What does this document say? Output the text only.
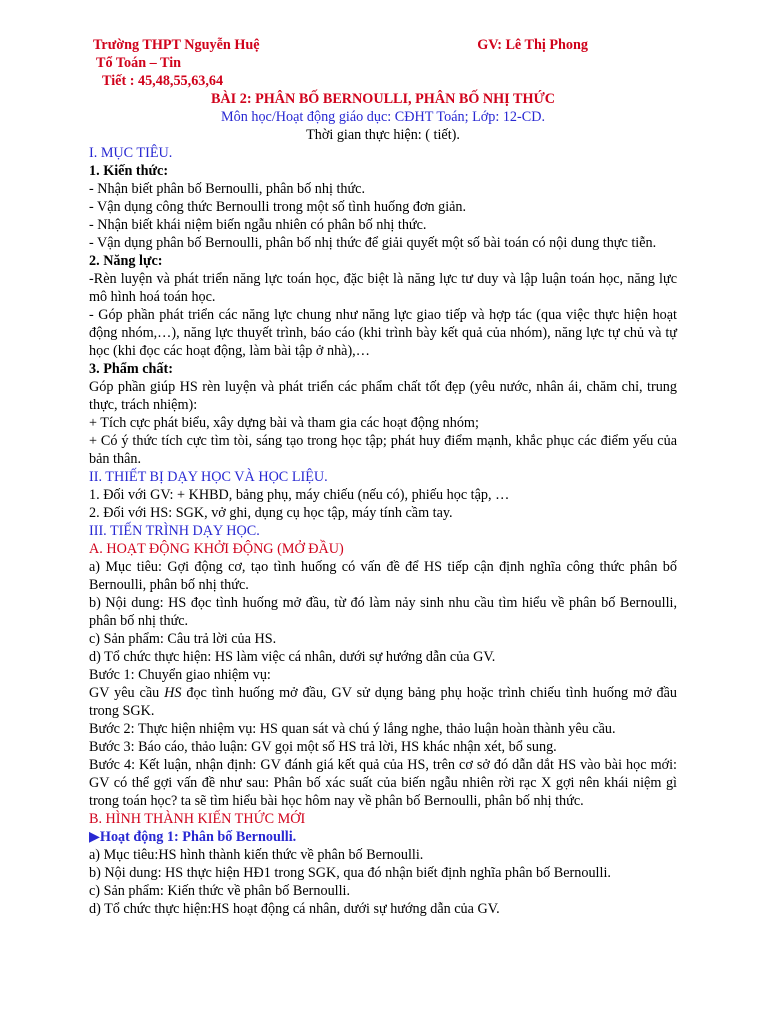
Trường THPT Nguyễn Huệ	GV: Lê Thị Phong

Tổ Toán – Tin

Tiết : 45,48,55,63,64

BÀI 2: PHÂN BỐ BERNOULLI, PHÂN BỐ NHỊ THỨC

Môn học/Hoạt động giáo dục: CĐHT Toán; Lớp: 12-CD.

Thời gian thực hiện: ( tiết).

I. MỤC TIÊU.

1. Kiến thức:

- Nhận biết phân bố Bernoulli, phân bố nhị thức.

- Vận dụng công thức Bernoulli trong một số tình huống đơn giản.

- Nhận biết khái niệm biến ngẫu nhiên có phân bố nhị thức.

- Vận dụng phân bố Bernoulli, phân bố nhị thức để giải quyết một số bài toán có nội dung thực tiễn.

2. Năng lực:

-Rèn luyện và phát triển năng lực toán học, đặc biệt là năng lực tư duy và lập luận toán học, năng lực mô hình hoá toán học.

- Góp phần phát triển các năng lực chung như năng lực giao tiếp và hợp tác (qua việc thực hiện hoạt động nhóm,…), năng lực thuyết trình, báo cáo (khi trình bày kết quả của nhóm), năng lực tự chủ và tự học (khi đọc các hoạt động, làm bài tập ở nhà),…

3. Phẩm chất:

Góp phần giúp HS rèn luyện và phát triển các phẩm chất tốt đẹp (yêu nước, nhân ái, chăm chỉ, trung thực, trách nhiệm):

+ Tích cực phát biểu, xây dựng bài và tham gia các hoạt động nhóm;

+ Có ý thức tích cực tìm tòi, sáng tạo trong học tập; phát huy điểm mạnh, khắc phục các điểm yếu của bản thân.

II. THIẾT BỊ DẠY HỌC VÀ HỌC LIỆU.

1. Đối với GV: + KHBD, bảng phụ, máy chiếu (nếu có), phiếu học tập, …

2. Đối với HS: SGK, vở ghi, dụng cụ học tập, máy tính cầm tay.

III. TIẾN TRÌNH DẠY HỌC.

A. HOẠT ĐỘNG KHỞI ĐỘNG (MỞ ĐẦU)

a) Mục tiêu: Gợi động cơ, tạo tình huống có vấn đề để HS tiếp cận định nghĩa công thức phân bố Bernoulli, phân bố nhị thức.

b) Nội dung: HS đọc tình huống mở đầu, từ đó làm nảy sinh nhu cầu tìm hiểu về phân bố Bernoulli, phân bố nhị thức.

c) Sản phẩm: Câu trả lời của HS.

d) Tổ chức thực hiện: HS làm việc cá nhân, dưới sự hướng dẫn của GV.

Bước 1: Chuyển giao nhiệm vụ:

GV yêu cầu HS đọc tình huống mở đầu, GV sử dụng bảng phụ hoặc trình chiếu tình huống mở đầu trong SGK.

Bước 2: Thực hiện nhiệm vụ: HS quan sát và chú ý lắng nghe, thảo luận hoàn thành yêu cầu.

Bước 3: Báo cáo, thảo luận: GV gọi một số HS trả lời, HS khác nhận xét, bổ sung.

Bước 4: Kết luận, nhận định: GV đánh giá kết quả của HS, trên cơ sở đó dẫn dắt HS vào bài học mới: GV có thể gợi vấn đề như sau: Phân bố xác suất của biến ngẫu nhiên rời rạc X gợi nên khái niệm gì trong toán học? ta sẽ tìm hiểu bài học hôm nay về phân bố Bernoulli, phân bố nhị thức.

B. HÌNH THÀNH KIẾN THỨC MỚI

▶Hoạt động 1: Phân bố Bernoulli.

a) Mục tiêu:HS hình thành kiến thức về phân bố Bernoulli.

b) Nội dung: HS thực hiện HĐ1 trong SGK, qua đó nhận biết định nghĩa phân bố Bernoulli.

c) Sản phẩm: Kiến thức về phân bố Bernoulli.

d) Tổ chức thực hiện:HS hoạt động cá nhân, dưới sự hướng dẫn của GV.
